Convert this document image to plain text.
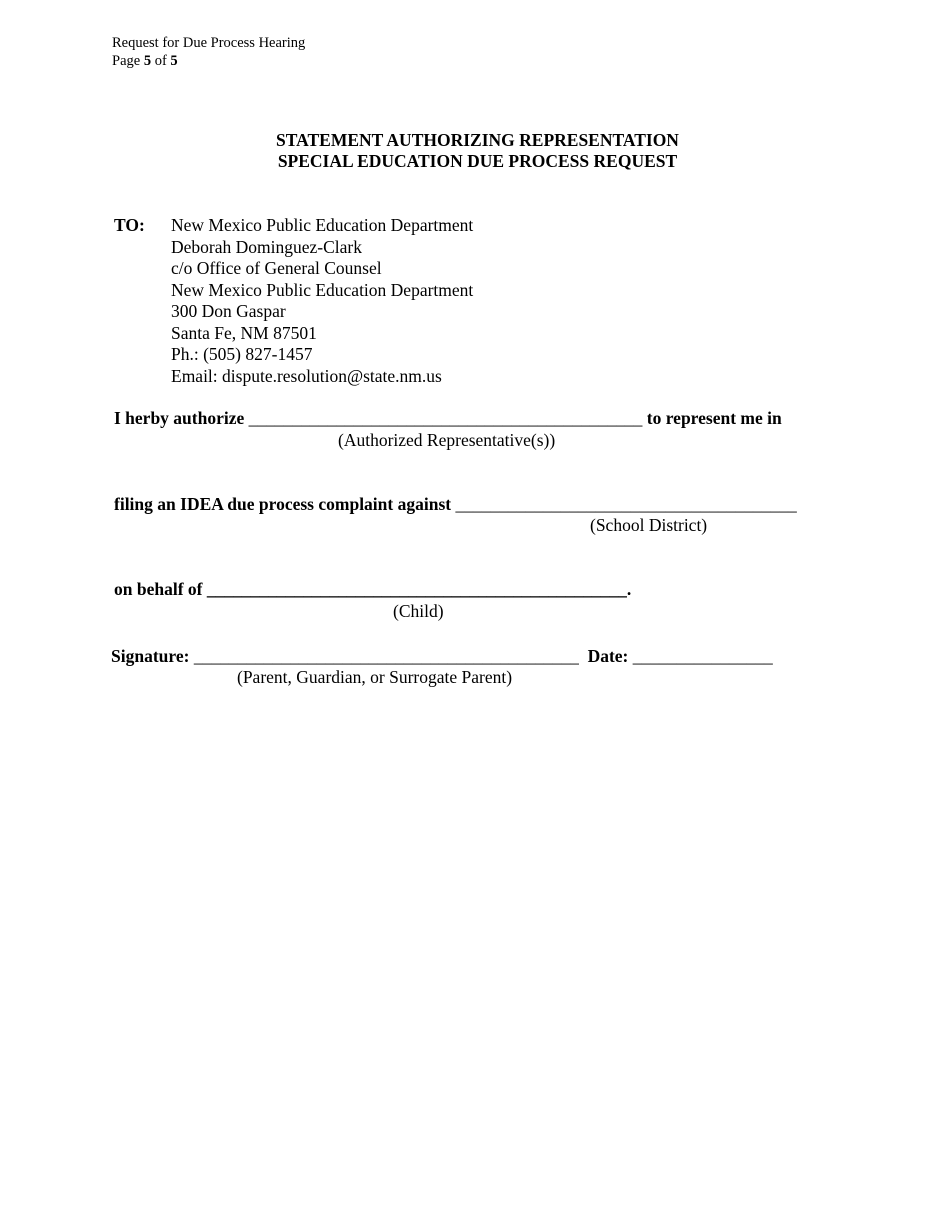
Request for Due Process Hearing
Page 5 of 5
STATEMENT AUTHORIZING REPRESENTATION
SPECIAL EDUCATION DUE PROCESS REQUEST
TO: New Mexico Public Education Department
Deborah Dominguez-Clark
c/o Office of General Counsel
New Mexico Public Education Department
300 Don Gaspar
Santa Fe, NM 87501
Ph.: (505) 827-1457
Email: dispute.resolution@state.nm.us
I herby authorize _____________________________________________ to represent me in
(Authorized Representative(s))
filing an IDEA due process complaint against _______________________________________
(School District)
on behalf of ________________________________________________.
(Child)
Signature: ____________________________________________ Date: ________________
(Parent, Guardian, or Surrogate Parent)
